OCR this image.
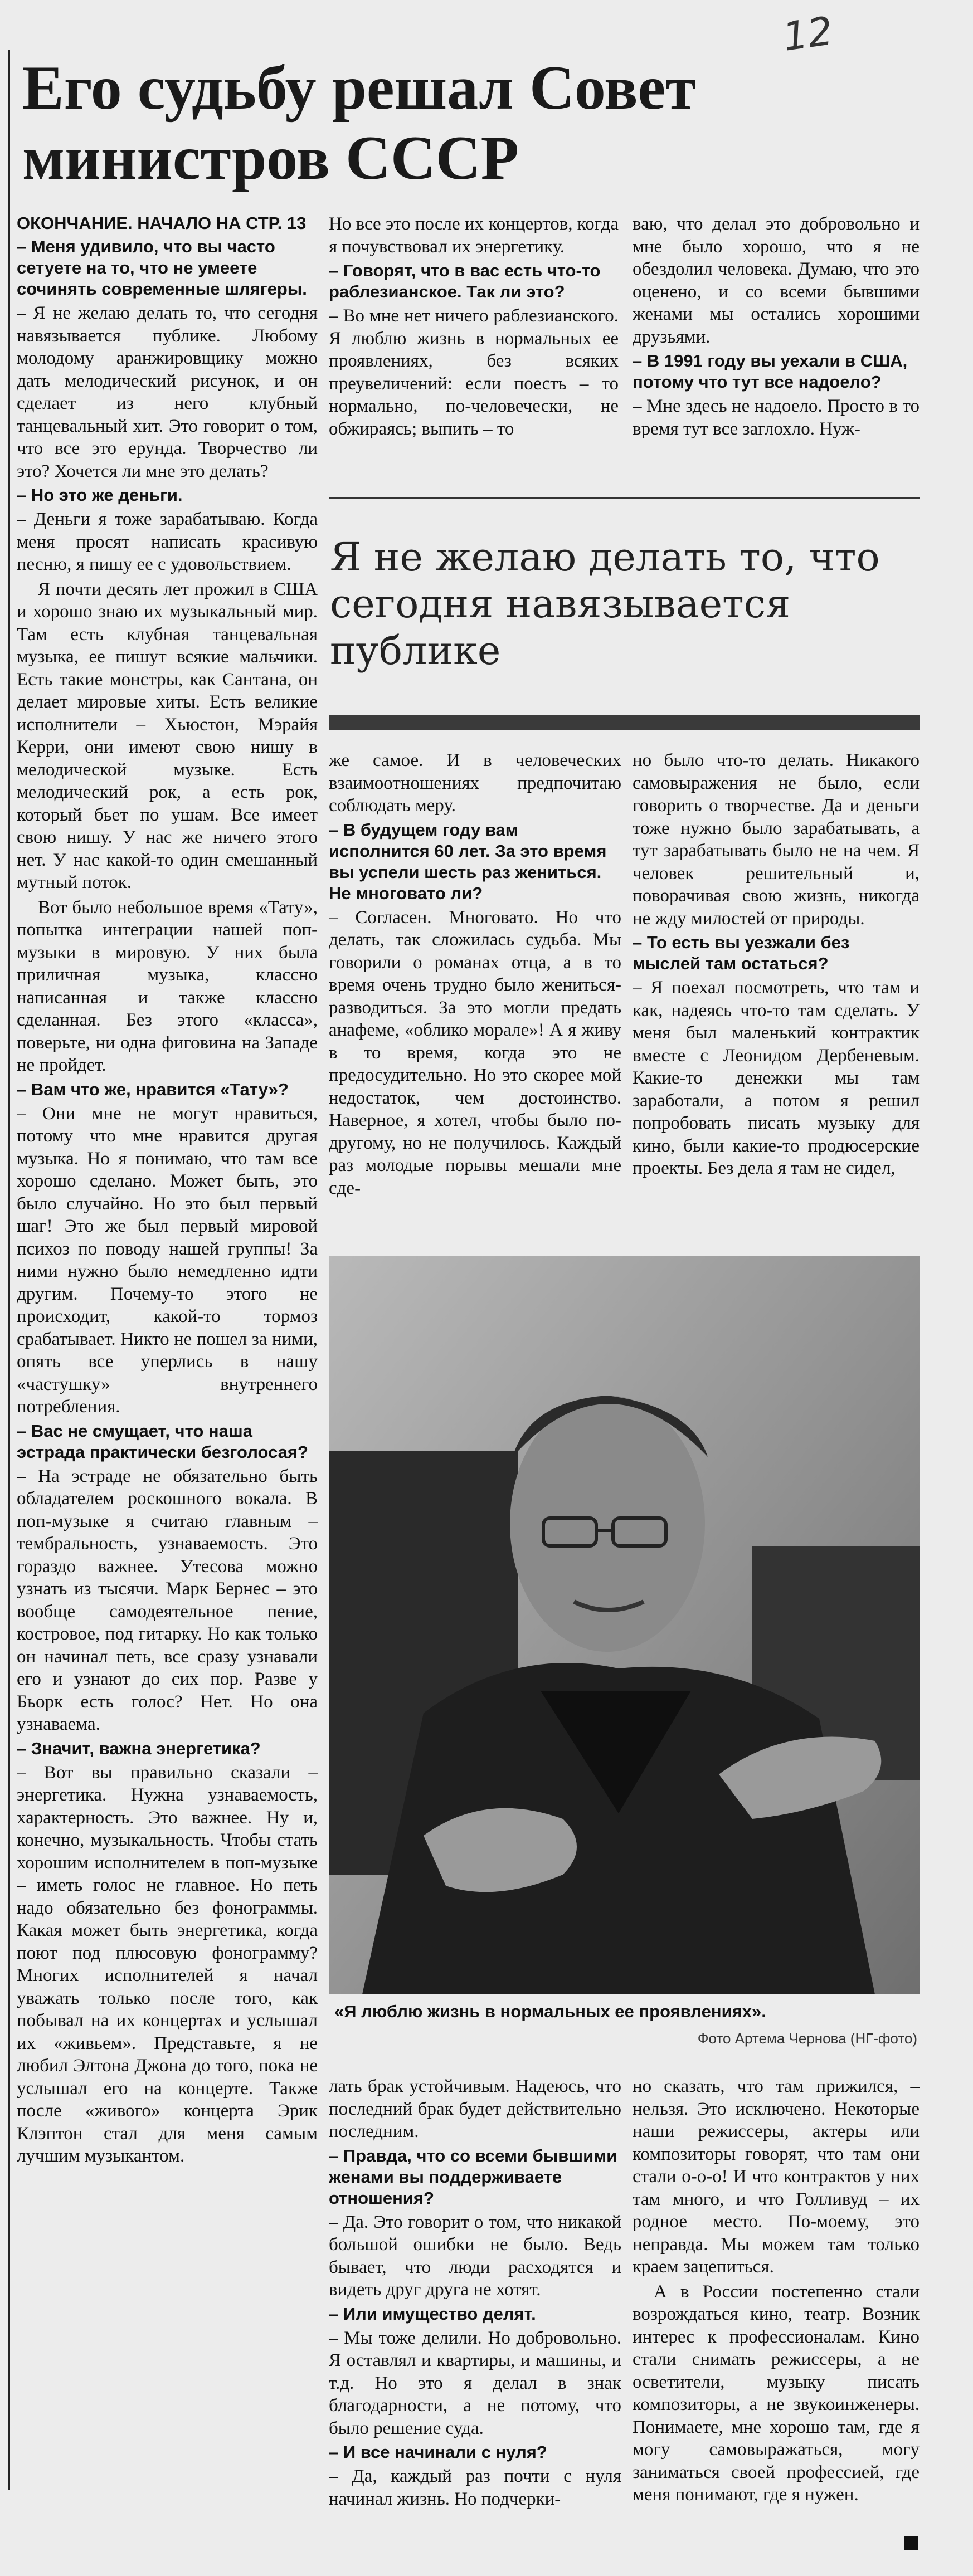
12
Его судьбу решал Совет министров СССР

ОКОНЧАНИЕ. НАЧАЛО НА СТР. 13

– Меня удивило, что вы часто сетуете на то, что не умеете сочинять современные шлягеры.

– Я не желаю делать то, что сегодня навязывается публике. Любому молодому аранжировщику можно дать мелодический рисунок, и он сделает из него клубный танцевальный хит. Это говорит о том, что все это ерунда. Творчество ли это? Хочется ли мне это делать?

– Но это же деньги.

– Деньги я тоже зарабатываю. Когда меня просят написать красивую песню, я пишу ее с удовольствием.

Я почти десять лет прожил в США и хорошо знаю их музыкальный мир. Там есть клубная танцевальная музыка, ее пишут всякие мальчики. Есть такие монстры, как Сантана, он делает мировые хиты. Есть великие исполнители – Хьюстон, Мэрайя Керри, они имеют свою нишу в мелодической музыке. Есть мелодический рок, а есть рок, который бьет по ушам. Все имеет свою нишу. У нас же ничего этого нет. У нас какой-то один смешанный мутный поток.

Вот было небольшое время «Тату», попытка интеграции нашей поп-музыки в мировую. У них была приличная музыка, классно написанная и также классно сделанная. Без этого «класса», поверьте, ни одна фиговина на Западе не пройдет.

– Вам что же, нравится «Тату»?

– Они мне не могут нравиться, потому что мне нравится другая музыка. Но я понимаю, что там все хорошо сделано. Может быть, это было случайно. Но это был первый шаг! Это же был первый мировой психоз по поводу нашей группы! За ними нужно было немедленно идти другим. Почему-то этого не происходит, какой-то тормоз срабатывает. Никто не пошел за ними, опять все уперлись в нашу «частушку» внутреннего потребления.

– Вас не смущает, что наша эстрада практически безголосая?

– На эстраде не обязательно быть обладателем роскошного вокала. В поп-музыке я считаю главным – тембральность, узнаваемость. Это гораздо важнее. Утесова можно узнать из тысячи. Марк Бернес – это вообще самодеятельное пение, костровое, под гитарку. Но как только он начинал петь, все сразу узнавали его и узнают до сих пор. Разве у Бьорк есть голос? Нет. Но она узнаваема.

– Значит, важна энергетика?

– Вот вы правильно сказали – энергетика. Нужна узнаваемость, характерность. Это важнее. Ну и, конечно, музыкальность. Чтобы стать хорошим исполнителем в поп-музыке – иметь голос не главное. Но петь надо обязательно без фонограммы. Какая может быть энергетика, когда поют под плюсовую фонограмму? Многих исполнителей я начал уважать только после того, как побывал на их концертах и услышал их «живьем». Представьте, я не любил Элтона Джона до того, пока не услышал его на концерте. Также после «живого» концерта Эрик Клэптон стал для меня самым лучшим музыкантом.

Но все это после их концертов, когда я почувствовал их энергетику.

– Говорят, что в вас есть что-то раблезианское. Так ли это?

– Во мне нет ничего раблезианского. Я люблю жизнь в нормальных ее проявлениях, без всяких преувеличений: если поесть – то нормально, по-человечески, не обжираясь; выпить – то

ваю, что делал это добровольно и мне было хорошо, что я не обездолил человека. Думаю, что это оценено, и со всеми бывшими женами мы остались хорошими друзьями.

– В 1991 году вы уехали в США, потому что тут все надоело?

– Мне здесь не надоело. Просто в то время тут все заглохло. Нуж-

Я не желаю делать то, что сегодня навязывается публике

же самое. И в человеческих взаимоотношениях предпочитаю соблюдать меру.

– В будущем году вам исполнится 60 лет. За это время вы успели шесть раз жениться. Не многовато ли?

– Согласен. Многовато. Но что делать, так сложилась судьба. Мы говорили о романах отца, а в то время очень трудно было жениться-разводиться. За это могли предать анафеме, «облико морале»! А я живу в то время, когда это не предосудительно. Но это скорее мой недостаток, чем достоинство. Наверное, я хотел, чтобы было по-другому, но не получилось. Каждый раз молодые порывы мешали мне сде-

но было что-то делать. Никакого самовыражения не было, если говорить о творчестве. Да и деньги тоже нужно было зарабатывать, а тут зарабатывать было не на чем. Я человек решительный и, поворачивая свою жизнь, никогда не жду милостей от природы.

– То есть вы уезжали без мыслей там остаться?

– Я поехал посмотреть, что там и как, надеясь что-то там сделать. У меня был маленький контрактик вместе с Леонидом Дербеневым. Какие-то денежки мы там заработали, а потом я решил попробовать писать музыку для кино, были какие-то продюсерские проекты. Без дела я там не сидел,

«Я люблю жизнь в нормальных ее проявлениях».
Фото Артема Чернова (НГ-фото)

лать брак устойчивым. Надеюсь, что последний брак будет действительно последним.

– Правда, что со всеми бывшими женами вы поддерживаете отношения?

– Да. Это говорит о том, что никакой большой ошибки не было. Ведь бывает, что люди расходятся и видеть друг друга не хотят.

– Или имущество делят.

– Мы тоже делили. Но добровольно. Я оставлял и квартиры, и машины, и т.д. Но это я делал в знак благодарности, а не потому, что было решение суда.

– И все начинали с нуля?

– Да, каждый раз почти с нуля начинал жизнь. Но подчерки-

но сказать, что там прижился, – нельзя. Это исключено. Некоторые наши режиссеры, актеры или композиторы говорят, что там они стали о-о-о! И что контрактов у них там много, и что Голливуд – их родное место. По-моему, это неправда. Мы можем там только краем зацепиться.

А в России постепенно стали возрождаться кино, театр. Возник интерес к профессионалам. Кино стали снимать режиссеры, а не осветители, музыку писать композиторы, а не звукоинженеры. Понимаете, мне хорошо там, где я могу самовыражаться, могу заниматься своей профессией, где меня понимают, где я нужен.
